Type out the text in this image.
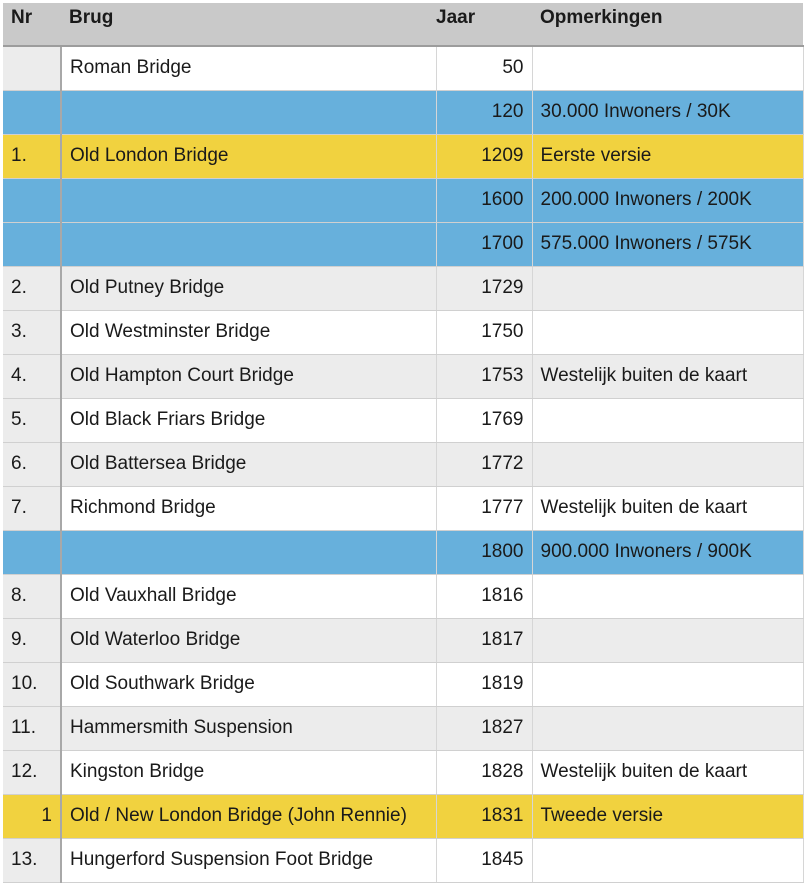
Nr	Brug	Jaar	Opmerkingen
	Roman Bridge	50	
		120	30.000 Inwoners / 30K
1.	Old London Bridge	1209	Eerste versie
		1600	200.000 Inwoners / 200K
		1700	575.000 Inwoners / 575K
2.	Old Putney Bridge	1729	
3.	Old Westminster Bridge	1750	
4.	Old Hampton Court Bridge	1753	Westelijk buiten de kaart
5.	Old Black Friars Bridge	1769	
6.	Old Battersea Bridge	1772	
7.	Richmond Bridge	1777	Westelijk buiten de kaart
		1800	900.000 Inwoners / 900K
8.	Old Vauxhall Bridge	1816	
9.	Old Waterloo Bridge	1817	
10.	Old Southwark Bridge	1819	
11.	Hammersmith Suspension	1827	
12.	Kingston Bridge	1828	Westelijk buiten de kaart
1	Old / New London Bridge (John Rennie)	1831	Tweede versie
13.	Hungerford Suspension Foot Bridge	1845	
